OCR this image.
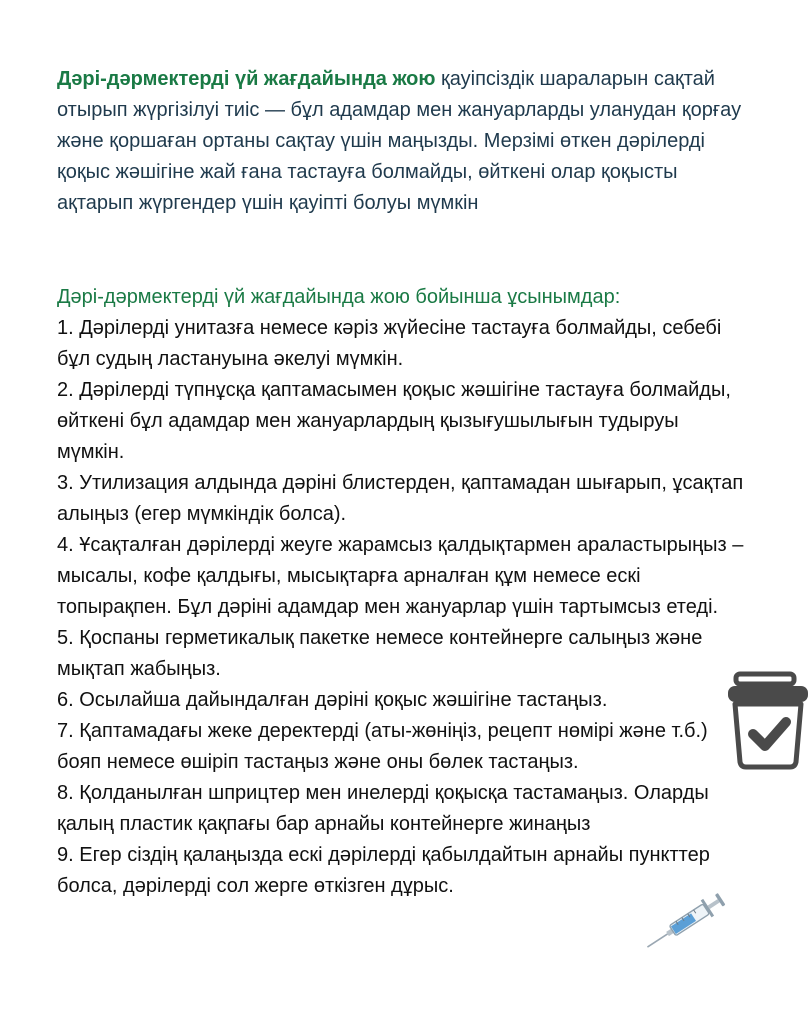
Дәрі-дәрмектерді үй жағдайында жою қауіпсіздік шараларын сақтай отырып жүргізілуі тиіс — бұл адамдар мен жануарларды уланудан қорғау және қоршаған ортаны сақтау үшін маңызды. Мерзімі өткен дәрілерді қоқыс жәшігіне жай ғана тастауға болмайды, өйткені олар қоқысты ақтарып жүргендер үшін қауіпті болуы мүмкін

Дәрі-дәрмектерді үй жағдайында жою бойынша ұсынымдар:
1. Дәрілерді унитазға немесе кәріз жүйесіне тастауға болмайды, себебі бұл судың ластануына әкелуі мүмкін.
2. Дәрілерді түпнұсқа қаптамасымен қоқыс жәшігіне тастауға болмайды, өйткені бұл адамдар мен жануарлардың қызығушылығын тудыруы мүмкін.
3. Утилизация алдында дәріні блистерден, қаптамадан шығарып, ұсақтап алыңыз (егер мүмкіндік болса).
4. Ұсақталған дәрілерді жеуге жарамсыз қалдықтармен араластырыңыз – мысалы, кофе қалдығы, мысықтарға арналған құм немесе ескі топырақпен. Бұл дәріні адамдар мен жануарлар үшін тартымсыз етеді.
5. Қоспаны герметикалық пакетке немесе контейнерге салыңыз және мықтап жабыңыз.
6. Осылайша дайындалған дәріні қоқыс жәшігіне тастаңыз.
7. Қаптамадағы жеке деректерді (аты-жөніңіз, рецепт нөмірі және т.б.) бояп немесе өшіріп тастаңыз және оны бөлек тастаңыз.
8. Қолданылған шприцтер мен инелерді қоқысқа тастамаңыз. Оларды қалың пластик қақпағы бар арнайы контейнерге жинаңыз
9. Егер сіздің қалаңызда ескі дәрілерді қабылдайтын арнайы пункттер болса, дәрілерді сол жерге өткізген дұрыс.
